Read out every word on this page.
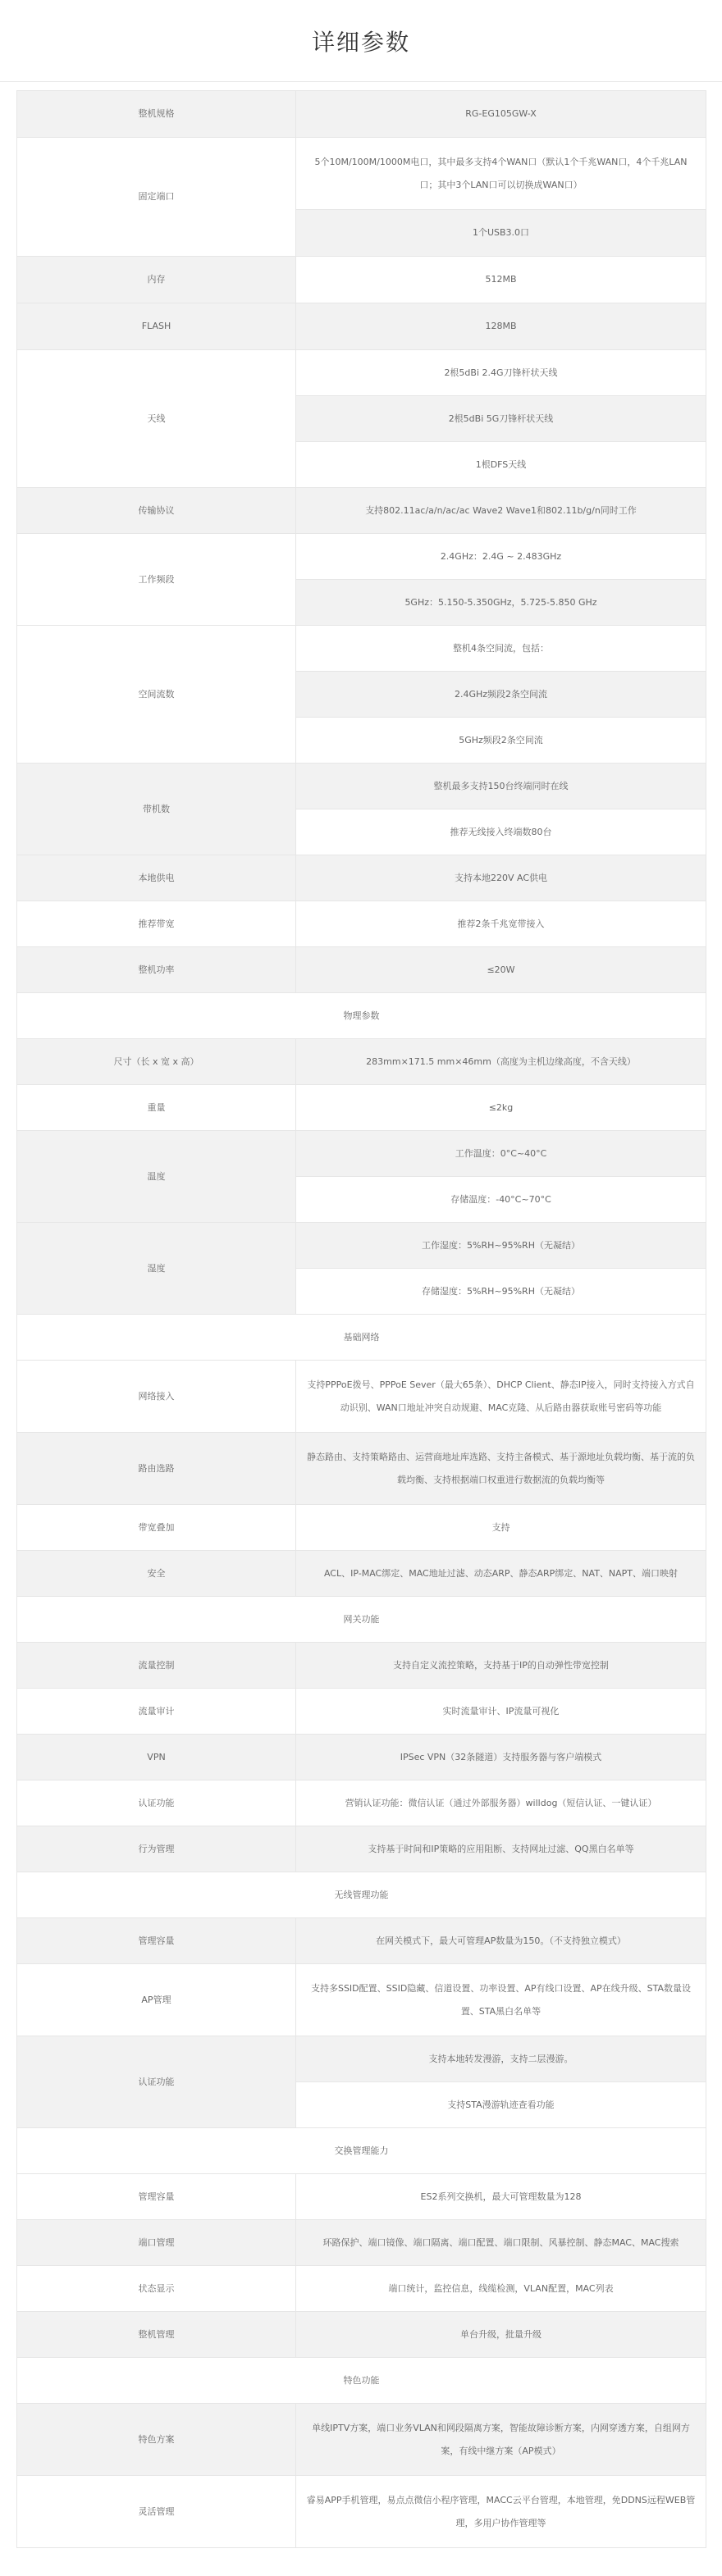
详细参数
整机规格	RG-EG105GW-X
固定端口	5个10M/100M/1000M电口，其中最多支持4个WAN口（默认1个千兆WAN口，4个千兆LAN口；其中3个LAN口可以切换成WAN口）
	1个USB3.0口
内存	512MB
FLASH	128MB
天线	2根5dBi 2.4G刀锋杆状天线
	2根5dBi 5G刀锋杆状天线
	1根DFS天线
传输协议	支持802.11ac/a/n/ac/ac Wave2 Wave1和802.11b/g/n同时工作
工作频段	2.4GHz：2.4G ~ 2.483GHz
	5GHz：5.150-5.350GHz，5.725-5.850 GHz
空间流数	整机4条空间流，包括：
	2.4GHz频段2条空间流
	5GHz频段2条空间流
带机数	整机最多支持150台终端同时在线
	推荐无线接入终端数80台
本地供电	支持本地220V AC供电
推荐带宽	推荐2条千兆宽带接入
整机功率	≤20W
物理参数	
尺寸（长 x 宽 x 高）	283mm×171.5 mm×46mm（高度为主机边缘高度，不含天线）
重量	≤2kg
温度	工作温度：0°C~40°C
	存储温度：-40°C~70°C
湿度	工作湿度：5%RH~95%RH（无凝结）
	存储湿度：5%RH~95%RH（无凝结）
基础网络	
网络接入	支持PPPoE拨号、PPPoE Sever（最大65条）、DHCP Client、静态IP接入，同时支持接入方式自动识别、WAN口地址冲突自动规避、MAC克隆、从后路由器获取账号密码等功能
路由选路	静态路由、支持策略路由、运营商地址库选路、支持主备模式、基于源地址负载均衡、基于流的负载均衡、支持根据端口权重进行数据流的负载均衡等
带宽叠加	支持
安全	ACL、IP-MAC绑定、MAC地址过滤、动态ARP、静态ARP绑定、NAT、NAPT、端口映射
网关功能	
流量控制	支持自定义流控策略，支持基于IP的自动弹性带宽控制
流量审计	实时流量审计、IP流量可视化
VPN	IPSec VPN（32条隧道）支持服务器与客户端模式
认证功能	营销认证功能：微信认证（通过外部服务器）willdog（短信认证、一键认证）
行为管理	支持基于时间和IP策略的应用阻断、支持网址过滤、QQ黑白名单等
无线管理功能	
管理容量	在网关模式下，最大可管理AP数量为150。（不支持独立模式）
AP管理	支持多SSID配置、SSID隐藏、信道设置、功率设置、AP有线口设置、AP在线升级、STA数量设置、STA黑白名单等
认证功能	支持本地转发漫游，支持二层漫游。
	支持STA漫游轨迹查看功能
交换管理能力	
管理容量	ES2系列交换机，最大可管理数量为128
端口管理	环路保护、端口镜像、端口隔离、端口配置、端口限制、风暴控制、静态MAC、MAC搜索
状态显示	端口统计，监控信息，线缆检测，VLAN配置，MAC列表
整机管理	单台升级，批量升级
特色功能	
特色方案	单线IPTV方案，端口业务VLAN和网段隔离方案，智能故障诊断方案，内网穿透方案，自组网方案，有线中继方案（AP模式）
灵活管理	睿易APP手机管理，易点点微信小程序管理，MACC云平台管理，本地管理，免DDNS远程WEB管理，多用户协作管理等
